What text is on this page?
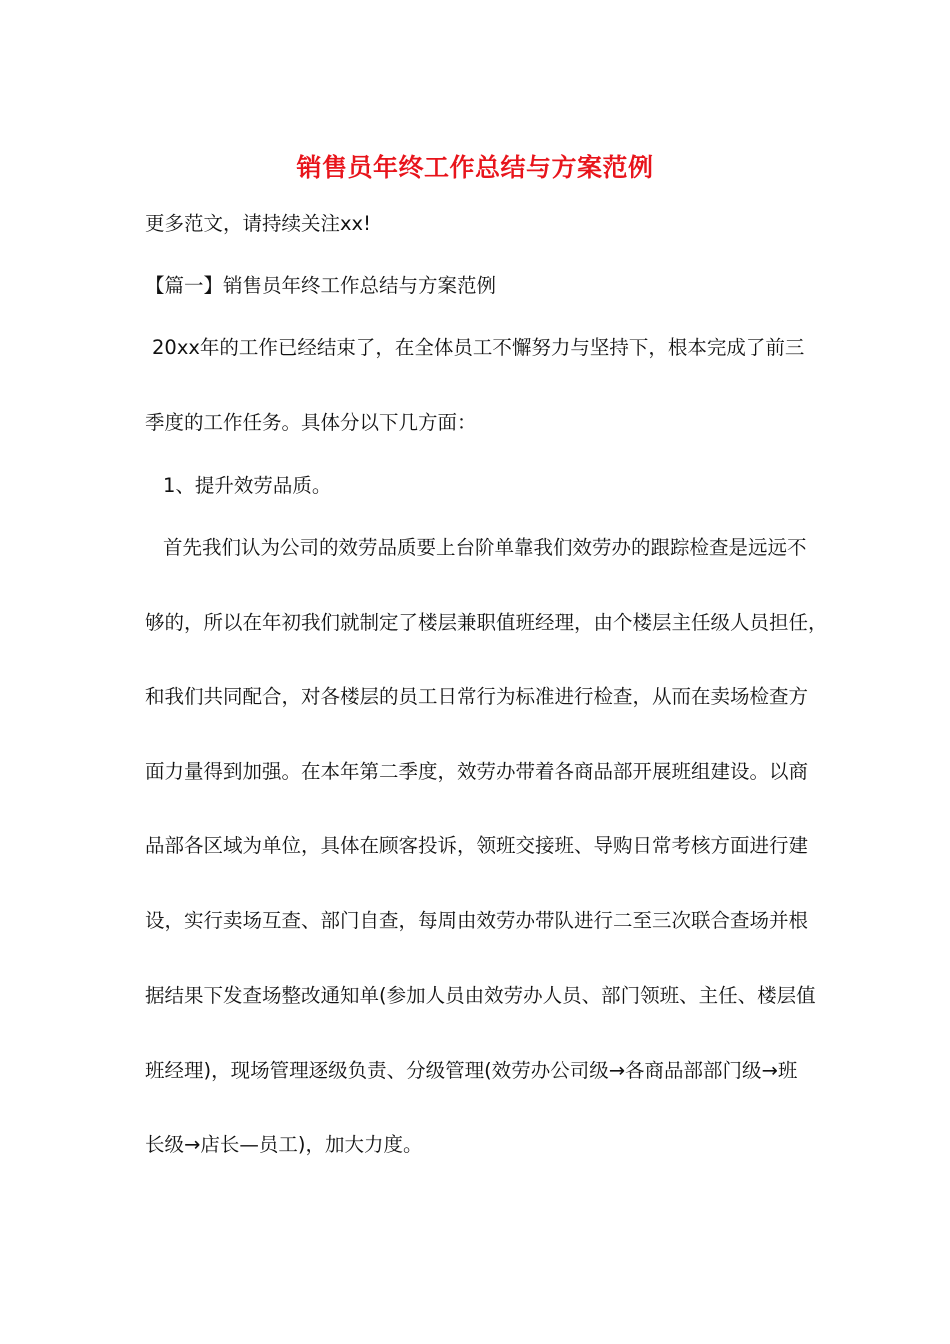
销售员年终工作总结与方案范例
更多范文，请持续关注xx!
【篇一】销售员年终工作总结与方案范例
20xx年的工作已经结束了，在全体员工不懈努力与坚持下，根本完成了前三
季度的工作任务。具体分以下几方面：
1、提升效劳品质。
首先我们认为公司的效劳品质要上台阶单靠我们效劳办的跟踪检查是远远不
够的，所以在年初我们就制定了楼层兼职值班经理，由个楼层主任级人员担任，
和我们共同配合，对各楼层的员工日常行为标准进行检查，从而在卖场检查方
面力量得到加强。在本年第二季度，效劳办带着各商品部开展班组建设。以商
品部各区域为单位，具体在顾客投诉，领班交接班、导购日常考核方面进行建
设，实行卖场互查、部门自查，每周由效劳办带队进行二至三次联合查场并根
据结果下发查场整改通知单(参加人员由效劳办人员、部门领班、主任、楼层值
班经理)，现场管理逐级负责、分级管理(效劳办公司级→各商品部部门级→班
长级→店长—员工)，加大力度。
